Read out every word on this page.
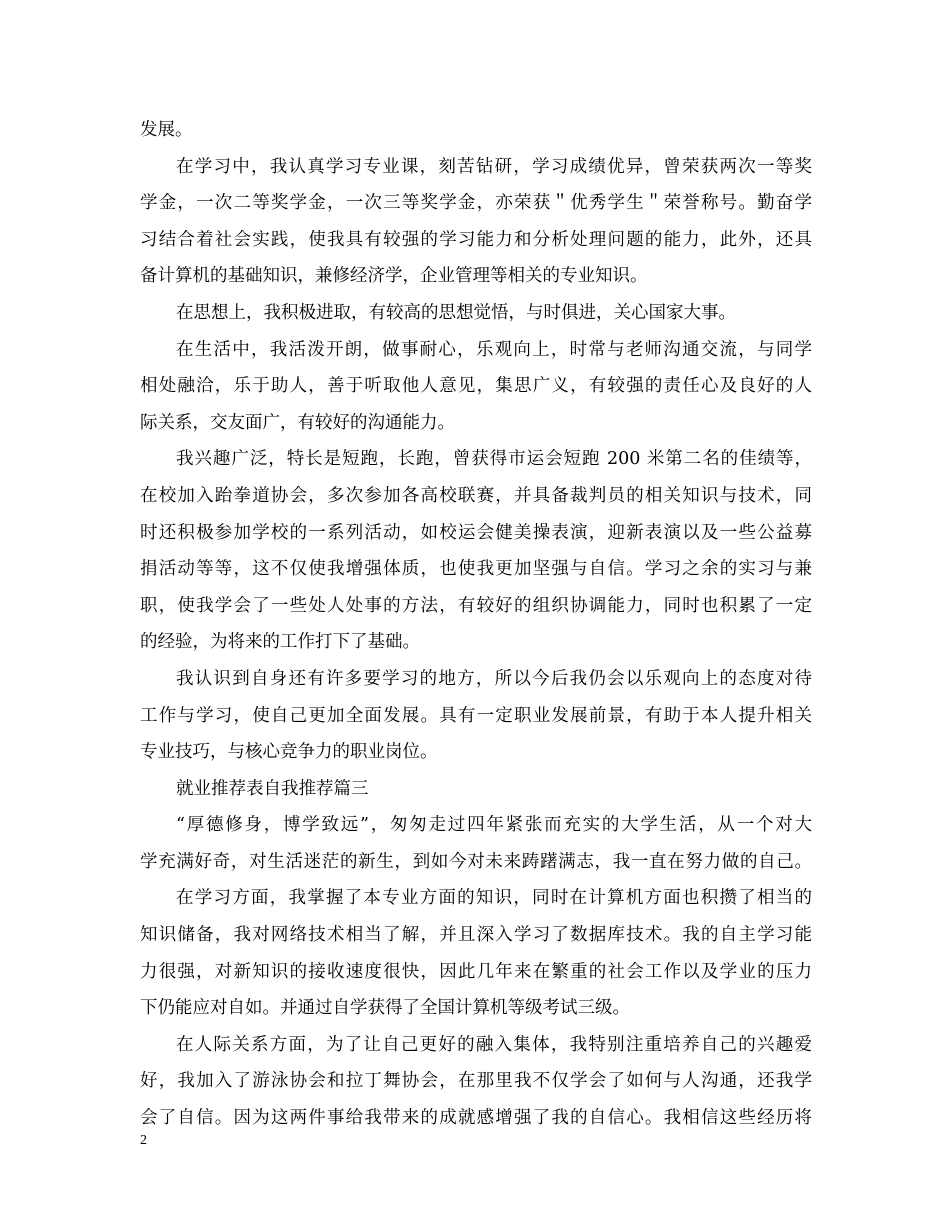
发展。
在学习中，我认真学习专业课，刻苦钻研，学习成绩优异，曾荣获两次一等奖
学金，一次二等奖学金，一次三等奖学金，亦荣获＂优秀学生＂荣誉称号。勤奋学
习结合着社会实践，使我具有较强的学习能力和分析处理问题的能力，此外，还具
备计算机的基础知识，兼修经济学，企业管理等相关的专业知识。
在思想上，我积极进取，有较高的思想觉悟，与时俱进，关心国家大事。
在生活中，我活泼开朗，做事耐心，乐观向上，时常与老师沟通交流，与同学
相处融洽，乐于助人，善于听取他人意见，集思广义，有较强的责任心及良好的人
际关系，交友面广，有较好的沟通能力。
我兴趣广泛，特长是短跑，长跑，曾获得市运会短跑 200 米第二名的佳绩等，
在校加入跆拳道协会，多次参加各高校联赛，并具备裁判员的相关知识与技术，同
时还积极参加学校的一系列活动，如校运会健美操表演，迎新表演以及一些公益募
捐活动等等，这不仅使我增强体质，也使我更加坚强与自信。学习之余的实习与兼
职，使我学会了一些处人处事的方法，有较好的组织协调能力，同时也积累了一定
的经验，为将来的工作打下了基础。
我认识到自身还有许多要学习的地方，所以今后我仍会以乐观向上的态度对待
工作与学习，使自己更加全面发展。具有一定职业发展前景，有助于本人提升相关
专业技巧，与核心竞争力的职业岗位。
就业推荐表自我推荐篇三
“厚德修身，博学致远”，匆匆走过四年紧张而充实的大学生活，从一个对大
学充满好奇，对生活迷茫的新生，到如今对未来踌躇满志，我一直在努力做的自己。
在学习方面，我掌握了本专业方面的知识，同时在计算机方面也积攒了相当的
知识储备，我对网络技术相当了解，并且深入学习了数据库技术。我的自主学习能
力很强，对新知识的接收速度很快，因此几年来在繁重的社会工作以及学业的压力
下仍能应对自如。并通过自学获得了全国计算机等级考试三级。
在人际关系方面，为了让自己更好的融入集体，我特别注重培养自己的兴趣爱
好，我加入了游泳协会和拉丁舞协会，在那里我不仅学会了如何与人沟通，还我学
会了自信。因为这两件事给我带来的成就感增强了我的自信心。我相信这些经历将
2
